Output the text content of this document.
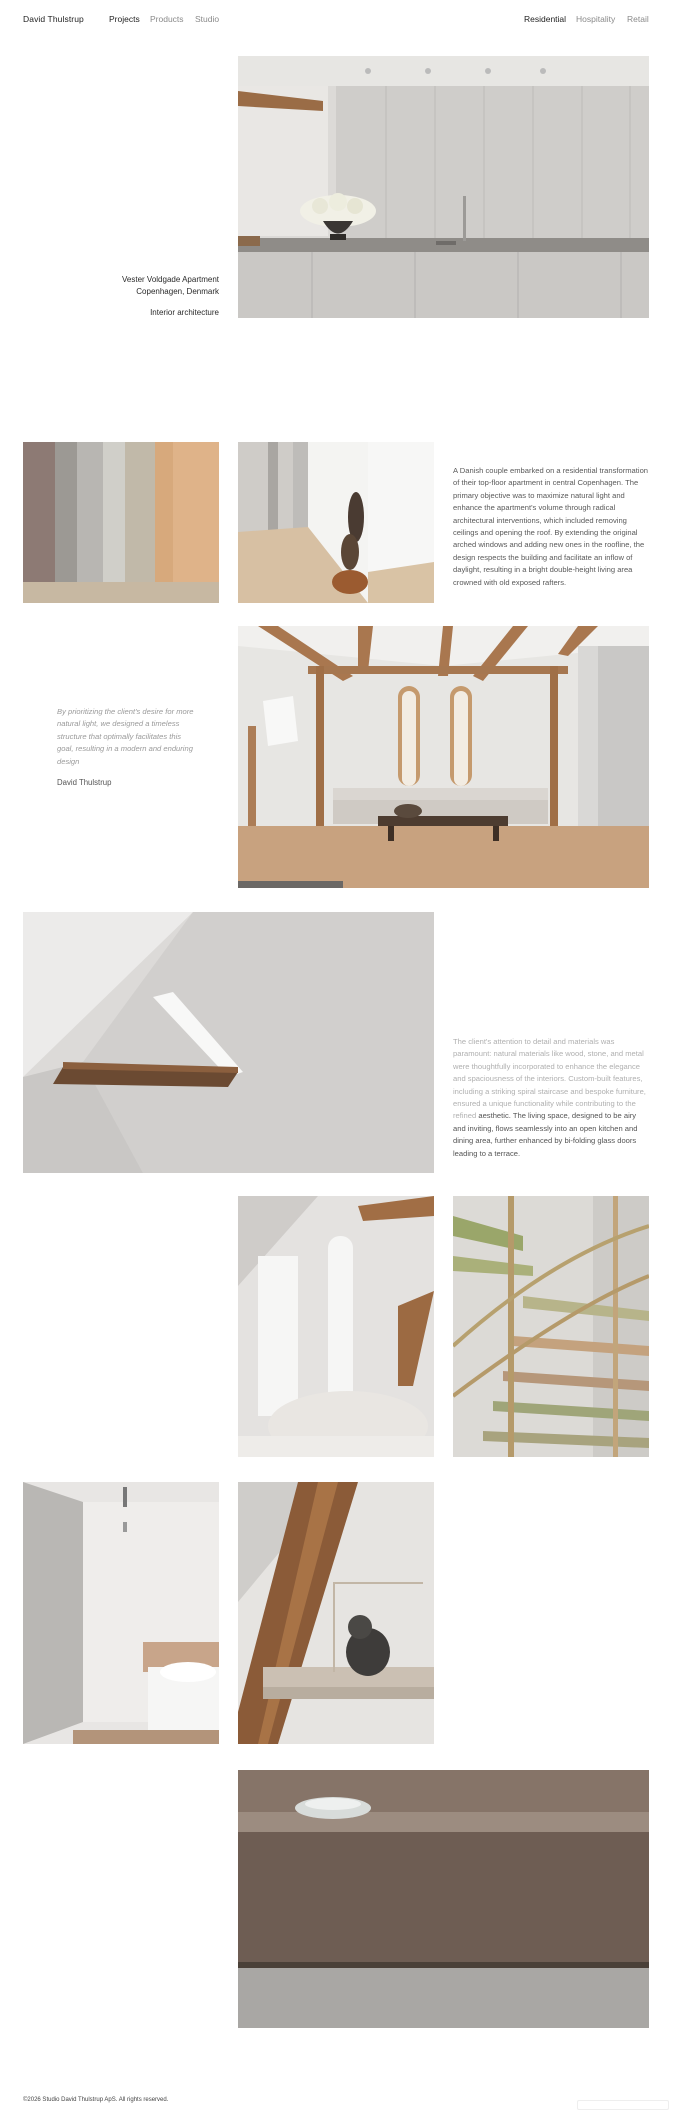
David Thulstrup	Projects Products Studio	Residential Hospitality Retail
Vester Voldgade Apartment
Copenhagen, Denmark
Interior architecture
A Danish couple embarked on a residential transformation of their top-floor apartment in central Copenhagen. The primary objective was to maximize natural light and enhance the apartment's volume through radical architectural interventions, which included removing ceilings and opening the roof. By extending the original arched windows and adding new ones in the roofline, the design respects the building and facilitate an inflow of daylight, resulting in a bright double-height living area crowned with old exposed rafters.
By prioritizing the client's desire for more natural light, we designed a timeless structure that optimally facilitates this goal, resulting in a modern and enduring design
David Thulstrup
The client's attention to detail and materials was paramount: natural materials like wood, stone, and metal were thoughtfully incorporated to enhance the elegance and spaciousness of the interiors. Custom-built features, including a striking spiral staircase and bespoke furniture, ensured a unique functionality while contributing to the refined aesthetic. The living space, designed to be airy and inviting, flows seamlessly into an open kitchen and dining area, further enhanced by bi-folding glass doors leading to a terrace.
©2026 Studio David Thulstrup ApS. All rights reserved.
